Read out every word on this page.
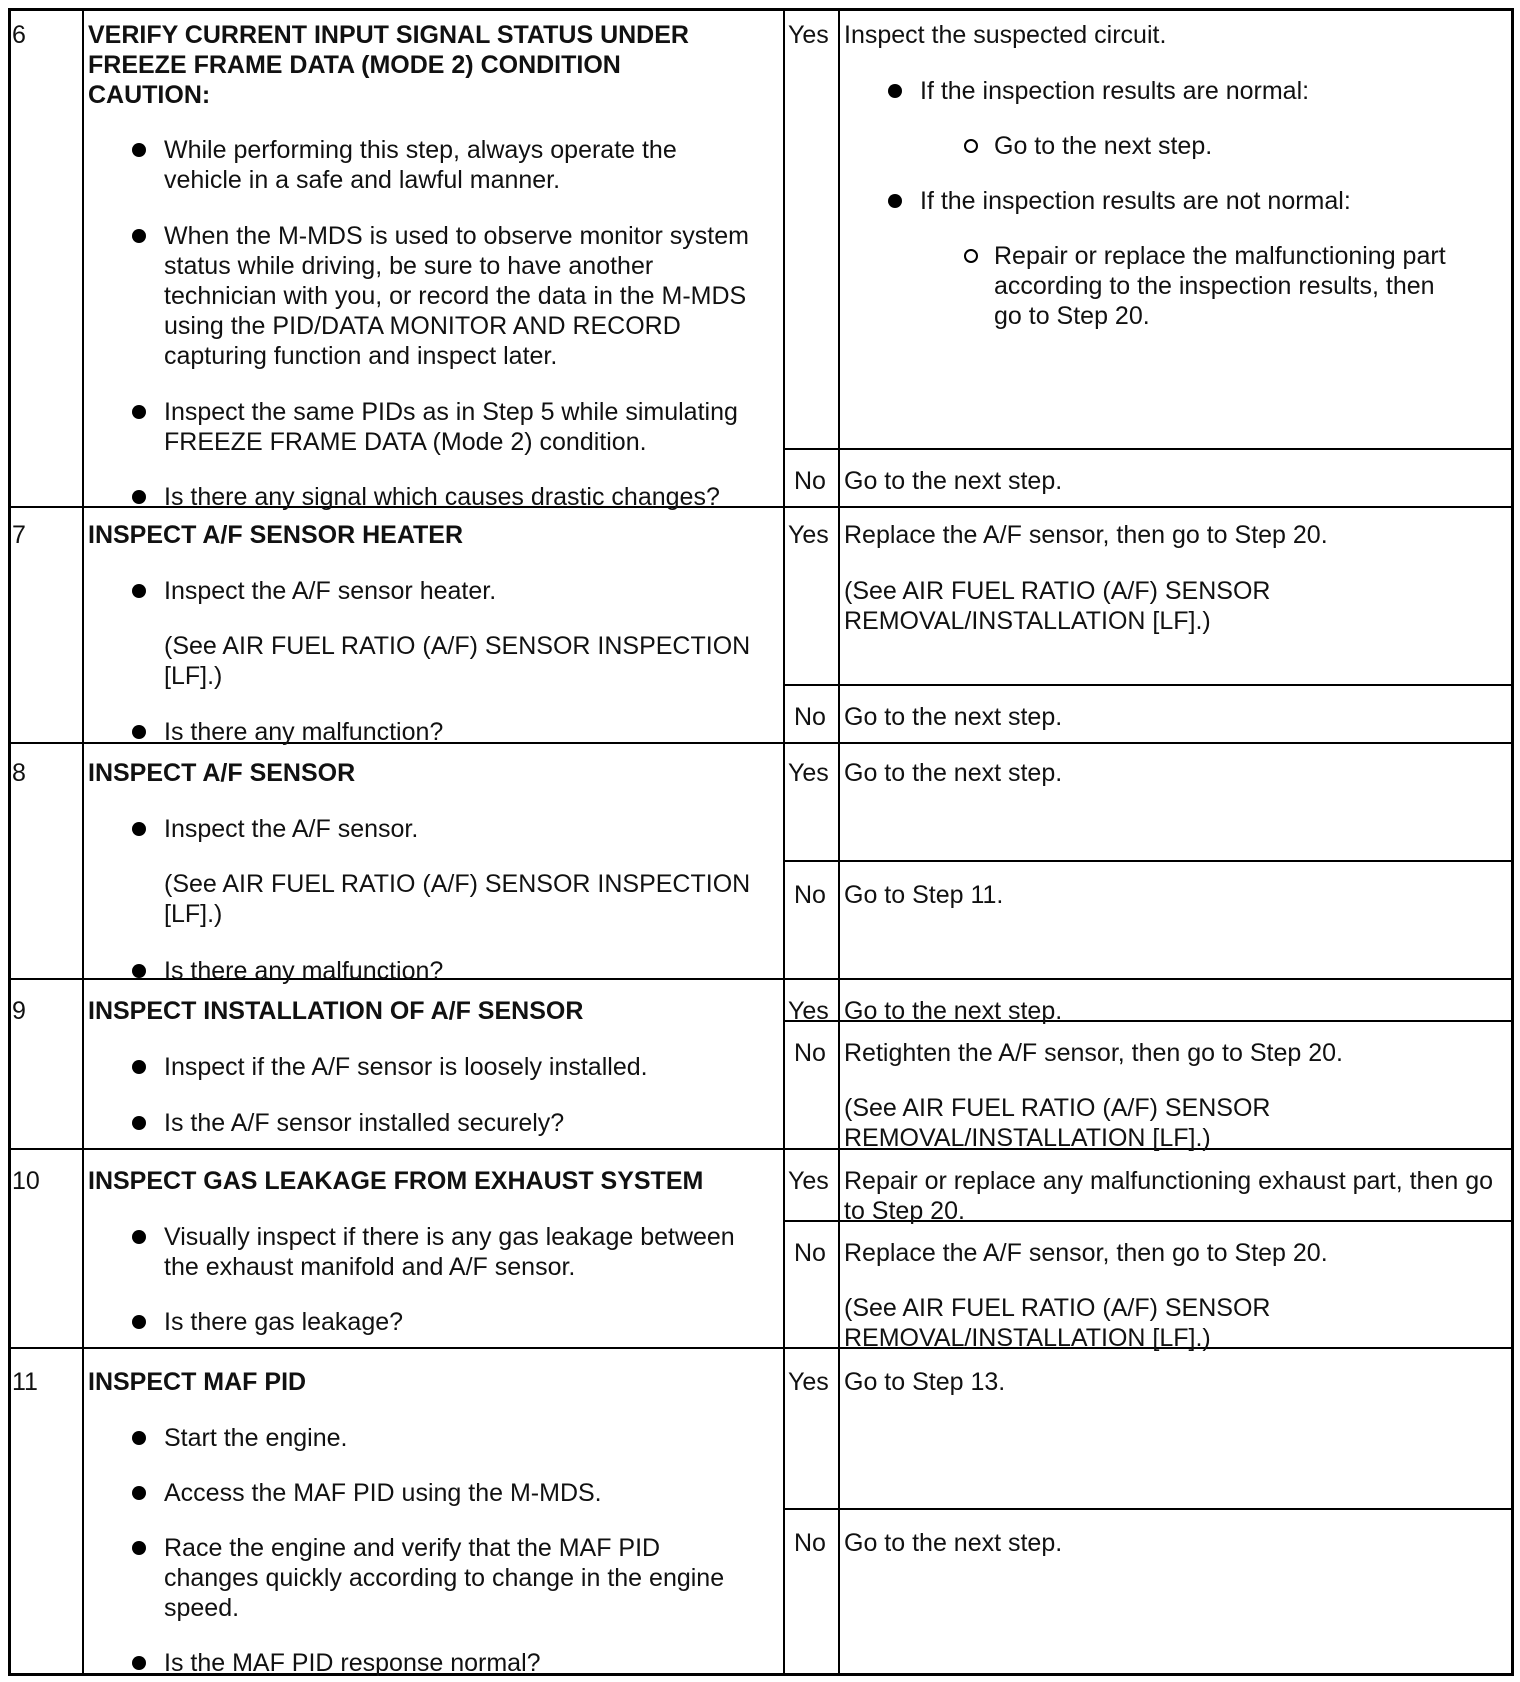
6 VERIFY CURRENT INPUT SIGNAL STATUS UNDER
FREEZE FRAME DATA (MODE 2) CONDITION
CAUTION:
While performing this step, always operate the
vehicle in a safe and lawful manner.
When the M-MDS is used to observe monitor system
status while driving, be sure to have another
technician with you, or record the data in the M-MDS
using the PID/DATA MONITOR AND RECORD
capturing function and inspect later.
Inspect the same PIDs as in Step 5 while simulating
FREEZE FRAME DATA (Mode 2) condition.
Is there any signal which causes drastic changes?
Yes Inspect the suspected circuit.
If the inspection results are normal:
Go to the next step.
If the inspection results are not normal:
Repair or replace the malfunctioning part
according to the inspection results, then
go to Step 20.
No Go to the next step.
7 INSPECT A/F SENSOR HEATER
Inspect the A/F sensor heater.
(See AIR FUEL RATIO (A/F) SENSOR INSPECTION
[LF].)
Is there any malfunction?
Yes Replace the A/F sensor, then go to Step 20.
(See AIR FUEL RATIO (A/F) SENSOR
REMOVAL/INSTALLATION [LF].)
No Go to the next step.
8 INSPECT A/F SENSOR
Inspect the A/F sensor.
(See AIR FUEL RATIO (A/F) SENSOR INSPECTION
[LF].)
Is there any malfunction?
Yes Go to the next step.
No Go to Step 11.
9 INSPECT INSTALLATION OF A/F SENSOR
Inspect if the A/F sensor is loosely installed.
Is the A/F sensor installed securely?
Yes Go to the next step.
No Retighten the A/F sensor, then go to Step 20.
(See AIR FUEL RATIO (A/F) SENSOR
REMOVAL/INSTALLATION [LF].)
10 INSPECT GAS LEAKAGE FROM EXHAUST SYSTEM
Visually inspect if there is any gas leakage between
the exhaust manifold and A/F sensor.
Is there gas leakage?
Yes Repair or replace any malfunctioning exhaust part, then go
to Step 20.
No Replace the A/F sensor, then go to Step 20.
(See AIR FUEL RATIO (A/F) SENSOR
REMOVAL/INSTALLATION [LF].)
11 INSPECT MAF PID
Start the engine.
Access the MAF PID using the M-MDS.
Race the engine and verify that the MAF PID
changes quickly according to change in the engine
speed.
Is the MAF PID response normal?
Yes Go to Step 13.
No Go to the next step.
